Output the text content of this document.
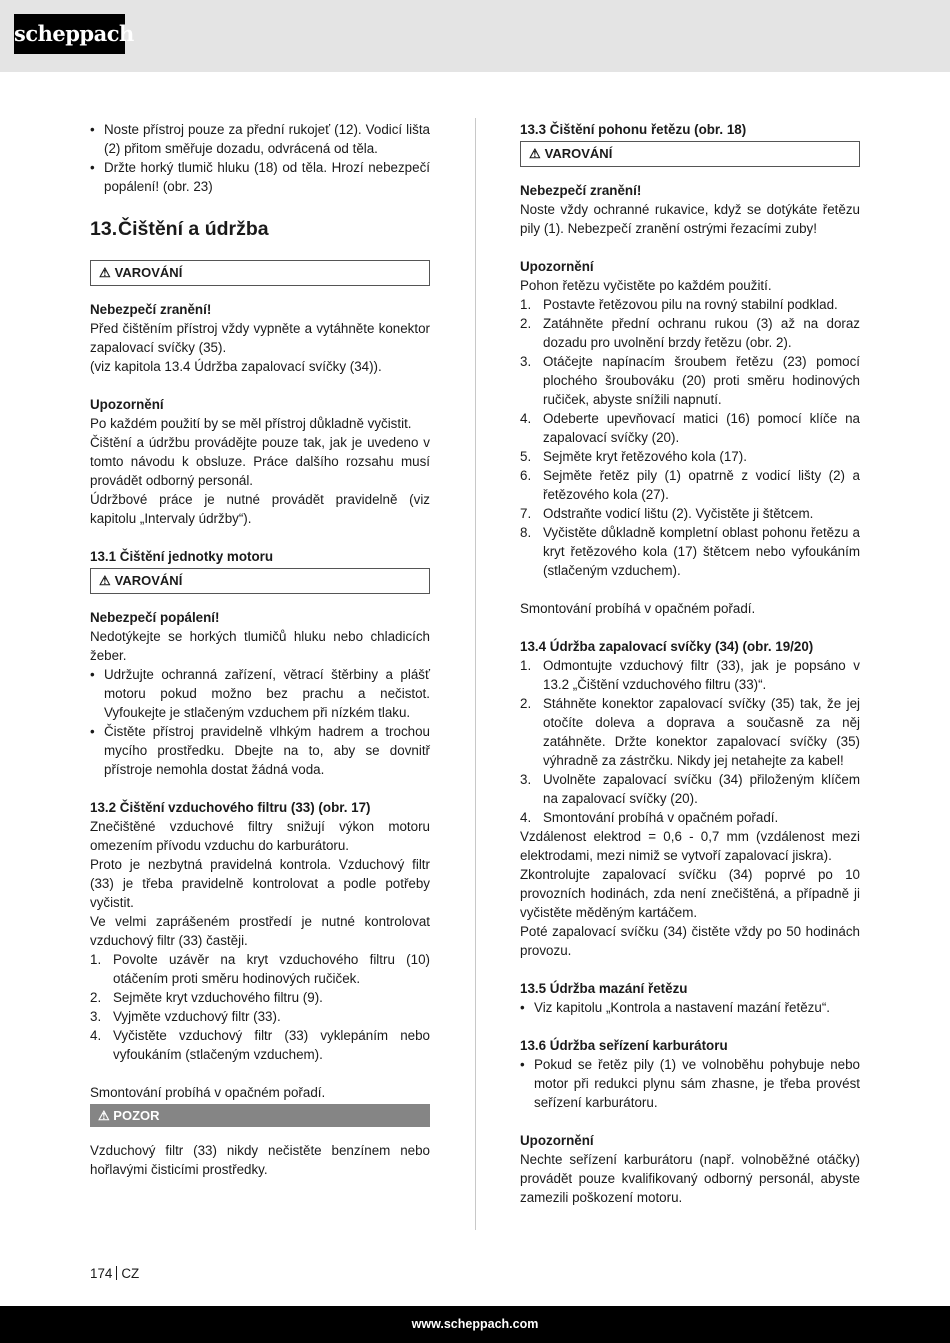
scheppach
• Noste přístroj pouze za přední rukojeť (12). Vodicí lišta (2) přitom směřuje dozadu, odvrácená od těla.
• Držte horký tlumič hluku (18) od těla. Hrozí nebezpečí popálení! (obr. 23)
13.Čištění a údržba
⚠ VAROVÁNÍ

Nebezpečí zranění!

Před čištěním přístroj vždy vypněte a vytáhněte konektor zapalovací svíčky (35).

(viz kapitola 13.4 Údržba zapalovací svíčky (34)).

Upozornění

Po každém použití by se měl přístroj důkladně vyčistit.

Čištění a údržbu provádějte pouze tak, jak je uvedeno v tomto návodu k obsluze. Práce dalšího rozsahu musí provádět odborný personál.

Údržbové práce je nutné provádět pravidelně (viz kapitolu „Intervaly údržby“).

13.1 Čištění jednotky motoru

⚠ VAROVÁNÍ

Nebezpečí popálení!

Nedotýkejte se horkých tlumičů hluku nebo chladicích žeber.

• Udržujte ochranná zařízení, větrací štěrbiny a plášť motoru pokud možno bez prachu a nečistot. Vyfoukejte je stlačeným vzduchem při nízkém tlaku.
• Čistěte přístroj pravidelně vlhkým hadrem a trochou mycího prostředku. Dbejte na to, aby se dovnitř přístroje nemohla dostat žádná voda.

13.2 Čištění vzduchového filtru (33) (obr. 17)

Znečištěné vzduchové filtry snižují výkon motoru omezením přívodu vzduchu do karburátoru.

Proto je nezbytná pravidelná kontrola. Vzduchový filtr (33) je třeba pravidelně kontrolovat a podle potřeby vyčistit.

Ve velmi zaprášeném prostředí je nutné kontrolovat vzduchový filtr (33) častěji.

1. Povolte uzávěr na kryt vzduchového filtru (10) otáčením proti směru hodinových ručiček.
2. Sejměte kryt vzduchového filtru (9).
3. Vyjměte vzduchový filtr (33).
4. Vyčistěte vzduchový filtr (33) vyklepáním nebo vyfoukáním (stlačeným vzduchem).

Smontování probíhá v opačném pořadí.

⚠ POZOR

Vzduchový filtr (33) nikdy nečistěte benzínem nebo hořlavými čisticími prostředky.

13.3 Čištění pohonu řetězu (obr. 18)

⚠ VAROVÁNÍ

Nebezpečí zranění!

Noste vždy ochranné rukavice, když se dotýkáte řetězu pily (1). Nebezpečí zranění ostrými řezacími zuby!

Upozornění

Pohon řetězu vyčistěte po každém použití.

1. Postavte řetězovou pilu na rovný stabilní podklad.
2. Zatáhněte přední ochranu rukou (3) až na doraz dozadu pro uvolnění brzdy řetězu (obr. 2).
3. Otáčejte napínacím šroubem řetězu (23) pomocí plochého šroubováku (20) proti směru hodinových ručiček, abyste snížili napnutí.
4. Odeberte upevňovací matici (16) pomocí klíče na zapalovací svíčky (20).
5. Sejměte kryt řetězového kola (17).
6. Sejměte řetěz pily (1) opatrně z vodicí lišty (2) a řetězového kola (27).
7. Odstraňte vodicí lištu (2). Vyčistěte ji štětcem.
8. Vyčistěte důkladně kompletní oblast pohonu řetězu a kryt řetězového kola (17) štětcem nebo vyfoukáním (stlačeným vzduchem).

Smontování probíhá v opačném pořadí.

13.4 Údržba zapalovací svíčky (34) (obr. 19/20)

1. Odmontujte vzduchový filtr (33), jak je popsáno v 13.2 „Čištění vzduchového filtru (33)“.
2. Stáhněte konektor zapalovací svíčky (35) tak, že jej otočíte doleva a doprava a současně za něj zatáhněte. Držte konektor zapalovací svíčky (35) výhradně za zástrčku. Nikdy jej netahejte za kabel!
3. Uvolněte zapalovací svíčku (34) přiloženým klíčem na zapalovací svíčky (20).
4. Smontování probíhá v opačném pořadí.

Vzdálenost elektrod = 0,6 - 0,7 mm (vzdálenost mezi elektrodami, mezi nimiž se vytvoří zapalovací jiskra).

Zkontrolujte zapalovací svíčku (34) poprvé po 10 provozních hodinách, zda není znečištěná, a případně ji vyčistěte měděným kartáčem.

Poté zapalovací svíčku (34) čistěte vždy po 50 hodinách provozu.

13.5 Údržba mazání řetězu

• Viz kapitolu „Kontrola a nastavení mazání řetězu“.

13.6 Údržba seřízení karburátoru

• Pokud se řetěz pily (1) ve volnoběhu pohybuje nebo motor při redukci plynu sám zhasne, je třeba provést seřízení karburátoru.

Upozornění

Nechte seřízení karburátoru (např. volnoběžné otáčky) provádět pouze kvalifikovaný odborný personál, abyste zamezili poškození motoru.

174 CZ
www.scheppach.com
